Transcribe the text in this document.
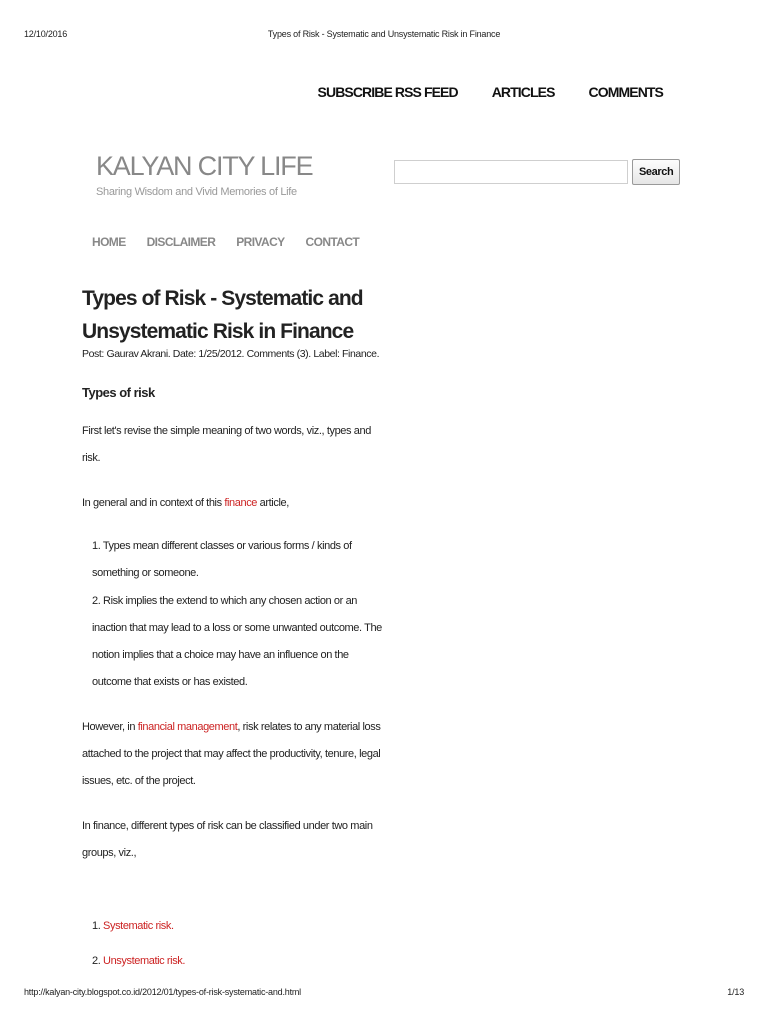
12/10/2016	Types of Risk - Systematic and Unsystematic Risk in Finance
SUBSCRIBE RSS FEED ARTICLES COMMENTS
KALYAN CITY LIFE
Sharing Wisdom and Vivid Memories of Life
Search
HOME DISCLAIMER PRIVACY CONTACT
Types of Risk - Systematic and Unsystematic Risk in Finance
Post: Gaurav Akrani. Date: 1/25/2012. Comments (3). Label: Finance.
Types of risk

First let's revise the simple meaning of two words, viz., types and risk.

In general and in context of this finance article,

1. Types mean different classes or various forms / kinds of something or someone.
2. Risk implies the extend to which any chosen action or an inaction that may lead to a loss or some unwanted outcome. The notion implies that a choice may have an influence on the outcome that exists or has existed.

However, in financial management, risk relates to any material loss attached to the project that may affect the productivity, tenure, legal issues, etc. of the project.

In finance, different types of risk can be classified under two main groups, viz.,

1. Systematic risk.
2. Unsystematic risk.
http://kalyan-city.blogspot.co.id/2012/01/types-of-risk-systematic-and.html	1/13
